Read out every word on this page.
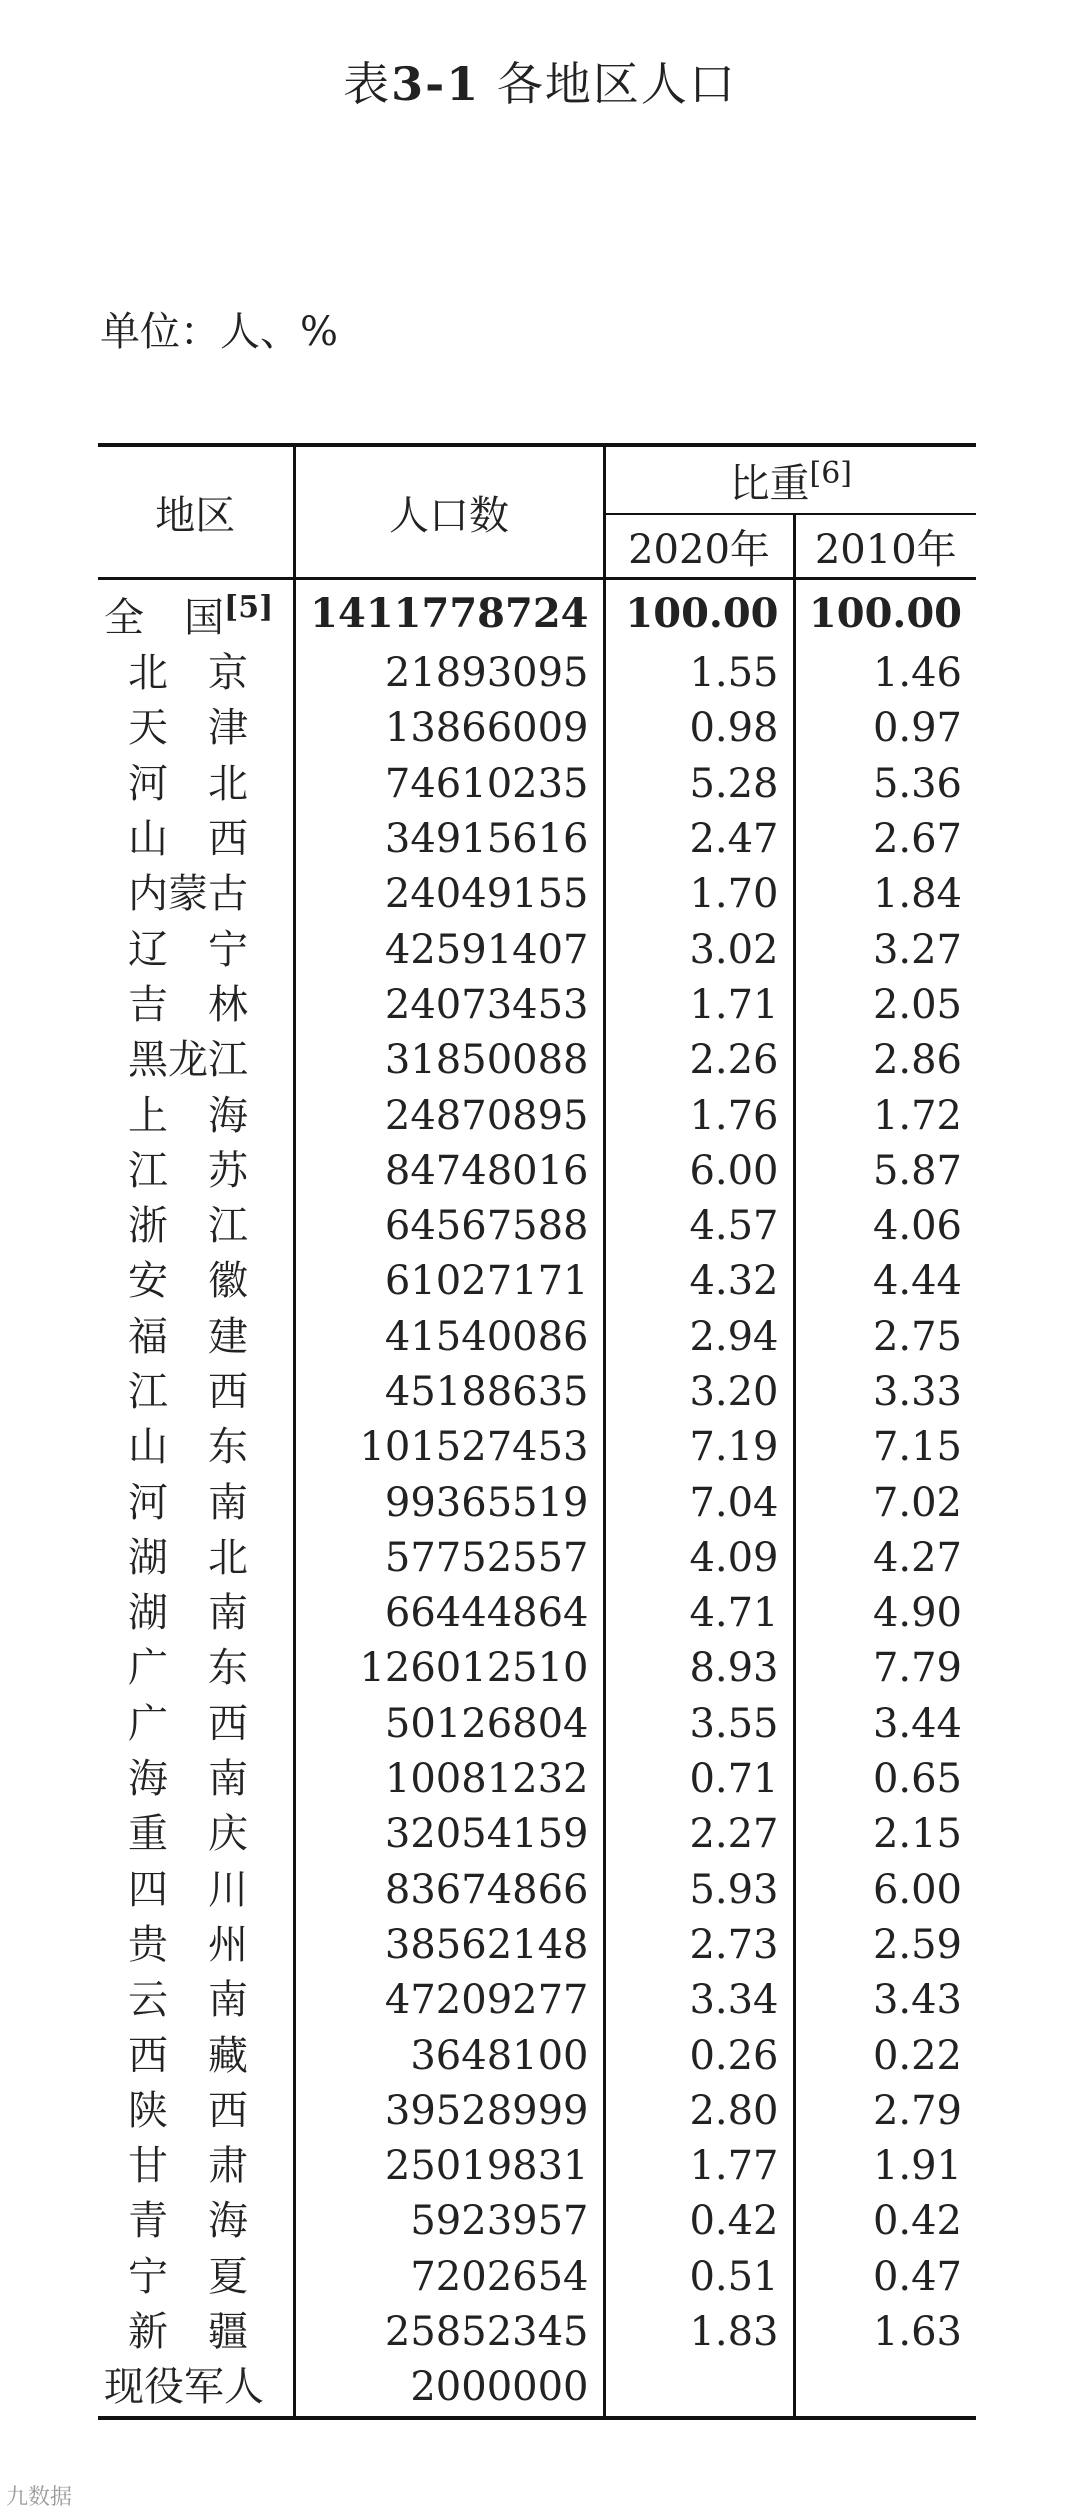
表3-1 各地区人口
单位：人、%
地区	人口数	比重[6]
		2020年	2010年
全　国[5]	1411778724	100.00	100.00
北　京	21893095	1.55	1.46
天　津	13866009	0.98	0.97
河　北	74610235	5.28	5.36
山　西	34915616	2.47	2.67
内蒙古	24049155	1.70	1.84
辽　宁	42591407	3.02	3.27
吉　林	24073453	1.71	2.05
黑龙江	31850088	2.26	2.86
上　海	24870895	1.76	1.72
江　苏	84748016	6.00	5.87
浙　江	64567588	4.57	4.06
安　徽	61027171	4.32	4.44
福　建	41540086	2.94	2.75
江　西	45188635	3.20	3.33
山　东	101527453	7.19	7.15
河　南	99365519	7.04	7.02
湖　北	57752557	4.09	4.27
湖　南	66444864	4.71	4.90
广　东	126012510	8.93	7.79
广　西	50126804	3.55	3.44
海　南	10081232	0.71	0.65
重　庆	32054159	2.27	2.15
四　川	83674866	5.93	6.00
贵　州	38562148	2.73	2.59
云　南	47209277	3.34	3.43
西　藏	3648100	0.26	0.22
陕　西	39528999	2.80	2.79
甘　肃	25019831	1.77	1.91
青　海	5923957	0.42	0.42
宁　夏	7202654	0.51	0.47
新　疆	25852345	1.83	1.63
现役军人	2000000		
九数据
